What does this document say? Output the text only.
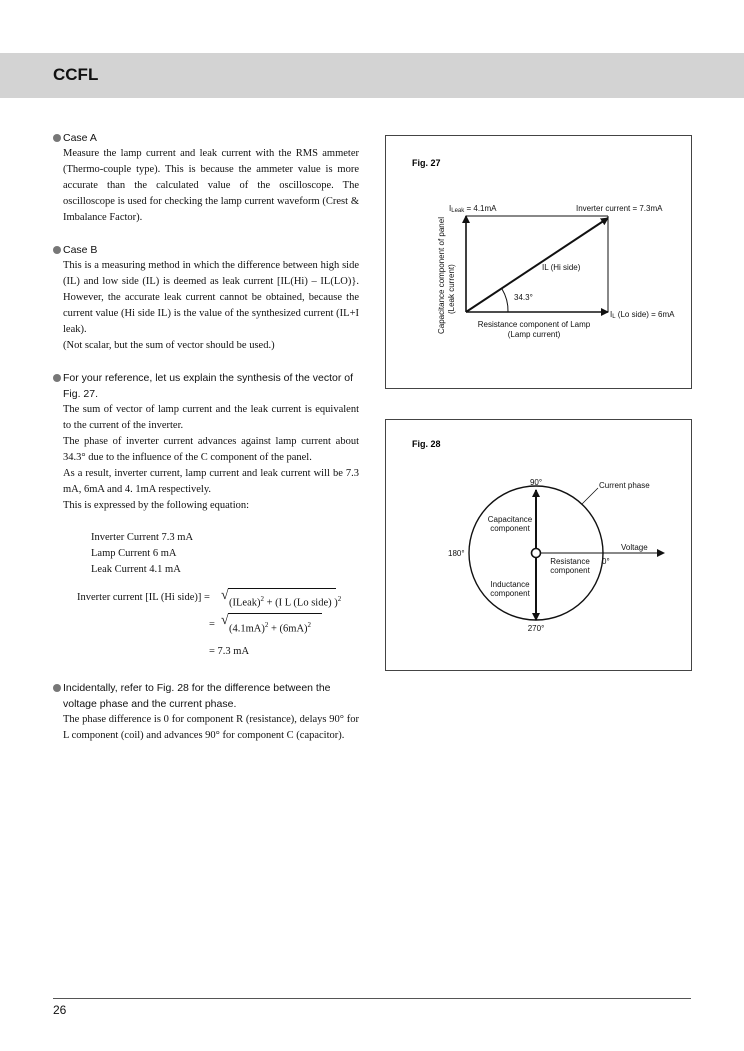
CCFL
Case A
Measure the lamp current and leak current with the RMS ammeter (Thermo-couple type). This is because the ammeter value is more accurate than the calculated value of the oscilloscope. The oscilloscope is used for checking the lamp current waveform (Crest & Imbalance Factor).
Case B

This is a measuring method in which the difference between high side (IL) and low side (IL) is deemed as leak current [IL(Hi) – IL(LO)}. However, the accurate leak current cannot be obtained, because the current value (Hi side IL) is the value of the synthesized current (IL+I leak).

(Not scalar, but the sum of vector should be used.)

For your reference, let us explain the synthesis of the vector of Fig. 27.

The sum of vector of lamp current and the leak current is equivalent to the current of the inverter.

The phase of inverter current advances against lamp current about 34.3° due to the influence of the C component of the panel.

As a result, inverter current, lamp current and leak current will be 7.3 mA, 6mA and 4. 1mA respectively.

This is expressed by the following equation:

Inverter Current 7.3 mA
Lamp Current 6 mA
Leak Current 4.1 mA
Inverter current [IL (Hi side)] = √ (ILeak)$^2$ + (I L (Lo side) )$^2$
= √
$(4.1mA)^2 + (6mA)^2$
= 7.3 mA
Incidentally, refer to Fig. 28 for the difference between the voltage phase and the current phase.
The phase difference is 0 for component R (resistance), delays 90° for L component (coil) and advances 90° for component C (capacitor).
Fig. 27
Capacitance component of panel (Leak current)
ILeak = 4.1mA	Inverter current = 7.3mA
IL (Hi side)
34.3°
IL (Lo side) = 6mA
Resistance component of Lamp
(Lamp current)
Fig. 28
90°	Current phase
Capacitance
component
180°
Voltage
Resistance
component
0°
Inductance
component
270°
26
